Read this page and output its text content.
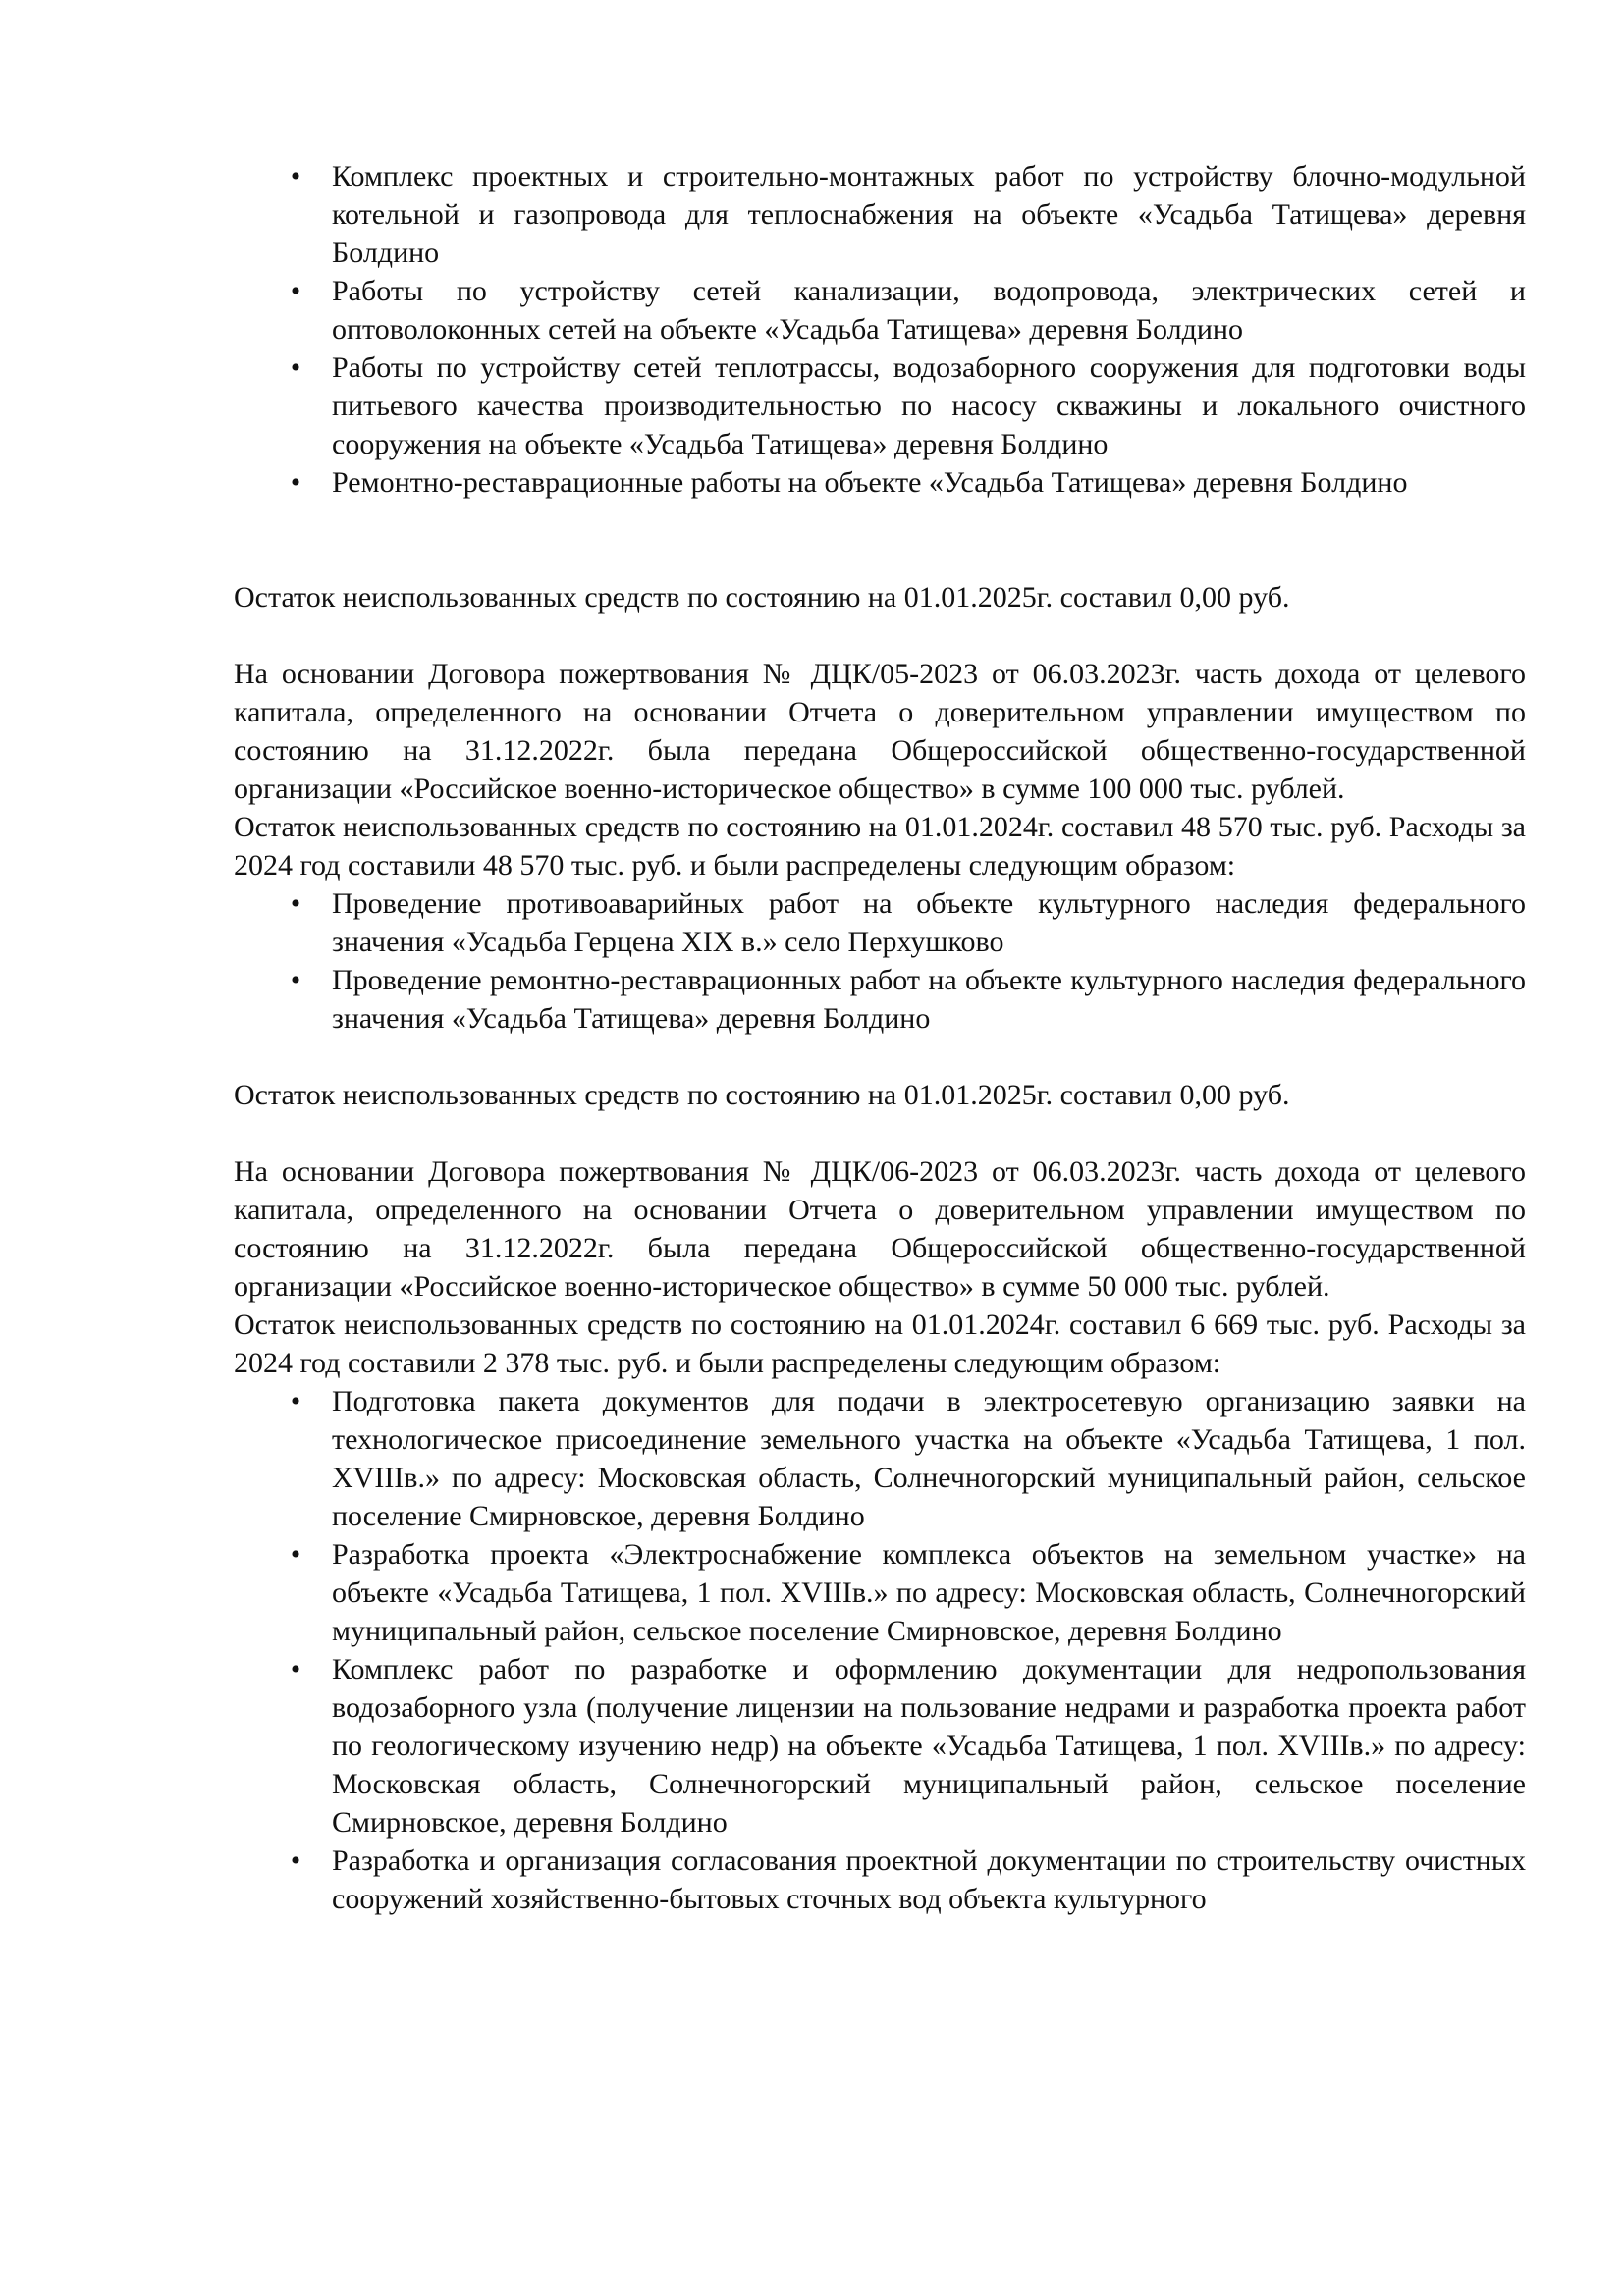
• Комплекс проектных и строительно-монтажных работ по устройству блочно-модульной котельной и газопровода для теплоснабжения на объекте «Усадьба Татищева» деревня Болдино
• Работы по устройству сетей канализации, водопровода, электрических сетей и оптоволоконных сетей на объекте «Усадьба Татищева» деревня Болдино
• Работы по устройству сетей теплотрассы, водозаборного сооружения для подготовки воды питьевого качества производительностью по насосу скважины и локального очистного сооружения на объекте «Усадьба Татищева» деревня Болдино
• Ремонтно-реставрационные работы на объекте «Усадьба Татищева» деревня Болдино

Остаток неиспользованных средств по состоянию на 01.01.2025г. составил 0,00 руб.

На основании Договора пожертвования № ДЦК/05-2023 от 06.03.2023г. часть дохода от целевого капитала, определенного на основании Отчета о доверительном управлении имуществом по состоянию на 31.12.2022г. была передана Общероссийской общественно-государственной организации «Российское военно-историческое общество» в сумме 100 000 тыс. рублей.

Остаток неиспользованных средств по состоянию на 01.01.2024г. составил 48 570 тыс. руб. Расходы за 2024 год составили 48 570 тыс. руб. и были распределены следующим образом:

• Проведение противоаварийных работ на объекте культурного наследия федерального значения «Усадьба Герцена XIX в.» село Перхушково
• Проведение ремонтно-реставрационных работ на объекте культурного наследия федерального значения «Усадьба Татищева» деревня Болдино

Остаток неиспользованных средств по состоянию на 01.01.2025г. составил 0,00 руб.

На основании Договора пожертвования № ДЦК/06-2023 от 06.03.2023г. часть дохода от целевого капитала, определенного на основании Отчета о доверительном управлении имуществом по состоянию на 31.12.2022г. была передана Общероссийской общественно-государственной организации «Российское военно-историческое общество» в сумме 50 000 тыс. рублей.

Остаток неиспользованных средств по состоянию на 01.01.2024г. составил 6 669 тыс. руб. Расходы за 2024 год составили 2 378 тыс. руб. и были распределены следующим образом:

• Подготовка пакета документов для подачи в электросетевую организацию заявки на технологическое присоединение земельного участка на объекте «Усадьба Татищева, 1 пол. XVIIIв.» по адресу: Московская область, Солнечногорский муниципальный район, сельское поселение Смирновское, деревня Болдино
• Разработка проекта «Электроснабжение комплекса объектов на земельном участке» на объекте «Усадьба Татищева, 1 пол. XVIIIв.» по адресу: Московская область, Солнечногорский муниципальный район, сельское поселение Смирновское, деревня Болдино
• Комплекс работ по разработке и оформлению документации для недропользования водозаборного узла (получение лицензии на пользование недрами и разработка проекта работ по геологическому изучению недр) на объекте «Усадьба Татищева, 1 пол. XVIIIв.» по адресу: Московская область, Солнечногорский муниципальный район, сельское поселение Смирновское, деревня Болдино
• Разработка и организация согласования проектной документации по строительству очистных сооружений хозяйственно-бытовых сточных вод объекта культурного
